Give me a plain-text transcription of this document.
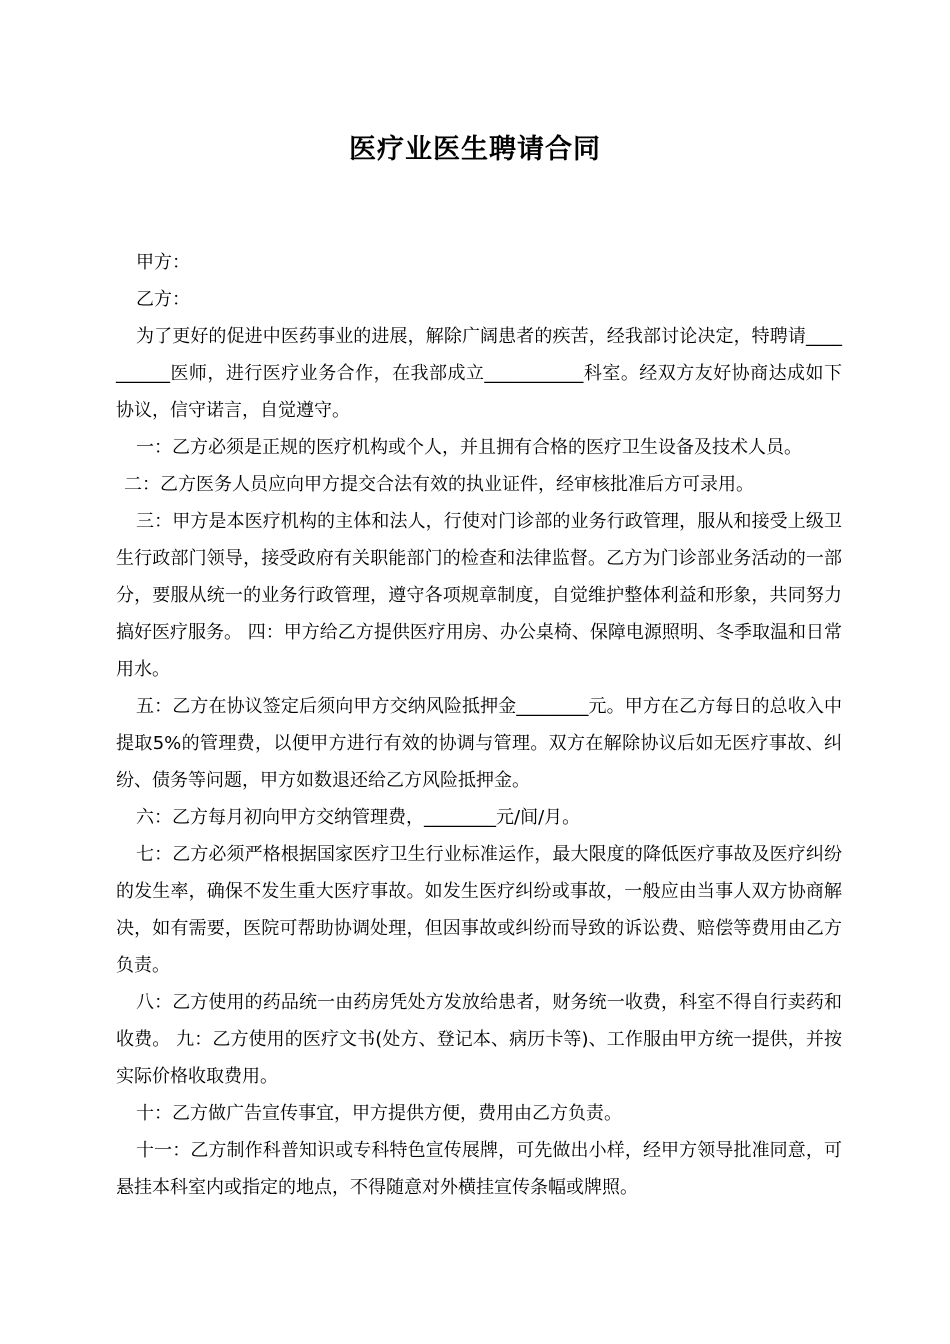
医疗业医生聘请合同

甲方：

乙方：

为了更好的促进中医药事业的进展，解除广阔患者的疾苦，经我部讨论决定，特聘请__________医师，进行医疗业务合作，在我部成立___________科室。经双方友好协商达成如下协议，信守诺言，自觉遵守。

一：乙方必须是正规的医疗机构或个人，并且拥有合格的医疗卫生设备及技术人员。

二：乙方医务人员应向甲方提交合法有效的执业证件，经审核批准后方可录用。

三：甲方是本医疗机构的主体和法人，行使对门诊部的业务行政管理，服从和接受上级卫生行政部门领导，接受政府有关职能部门的检查和法律监督。乙方为门诊部业务活动的一部分，要服从统一的业务行政管理，遵守各项规章制度，自觉维护整体利益和形象，共同努力搞好医疗服务。 四：甲方给乙方提供医疗用房、办公桌椅、保障电源照明、冬季取温和日常用水。

五：乙方在协议签定后须向甲方交纳风险抵押金________元。甲方在乙方每日的总收入中提取5%的管理费，以便甲方进行有效的协调与管理。双方在解除协议后如无医疗事故、纠纷、债务等问题，甲方如数退还给乙方风险抵押金。

六：乙方每月初向甲方交纳管理费，________元/间/月。

七：乙方必须严格根据国家医疗卫生行业标准运作，最大限度的降低医疗事故及医疗纠纷的发生率，确保不发生重大医疗事故。如发生医疗纠纷或事故，一般应由当事人双方协商解决，如有需要，医院可帮助协调处理，但因事故或纠纷而导致的诉讼费、赔偿等费用由乙方负责。

八：乙方使用的药品统一由药房凭处方发放给患者，财务统一收费，科室不得自行卖药和收费。 九：乙方使用的医疗文书(处方、登记本、病历卡等)、工作服由甲方统一提供，并按实际价格收取费用。

十：乙方做广告宣传事宜，甲方提供方便，费用由乙方负责。

十一：乙方制作科普知识或专科特色宣传展牌，可先做出小样，经甲方领导批准同意，可悬挂本科室内或指定的地点，不得随意对外横挂宣传条幅或牌照。
